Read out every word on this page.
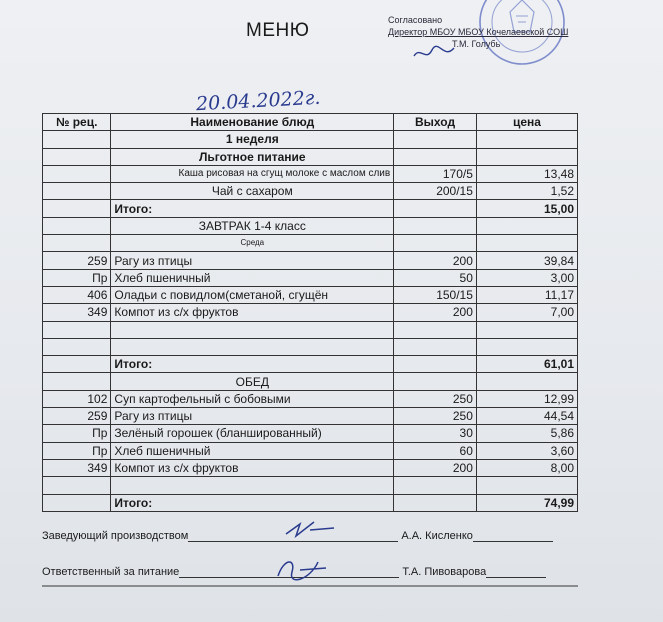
МЕНЮ	Согласовано
Директор МБОУ МБОУ Кочелаевской СОШ
Т.М. Голубь
20.04.2022г.
№ рец.	Наименование блюд	Выход	цена
	1 неделя		
	Льготное питание		
	Каша рисовая на сгущ молоке с маслом слив	170/5	13,48
	Чай с сахаром	200/15	1,52
	Итого:		15,00
	ЗАВТРАК 1-4 класс		
	Среда		
259	Рагу из птицы	200	39,84
Пр	Хлеб пшеничный	50	3,00
406	Оладьи с повидлом(сметаной, сгущён	150/15	11,17
349	Компот из с/х фруктов	200	7,00

	Итого:		61,01
	ОБЕД		
102	Суп картофельный с бобовыми	250	12,99
259	Рагу из птицы	250	44,54
Пр	Зелёный горошек (бланшированный)	30	5,86
Пр	Хлеб пшеничный	60	3,60
349	Компот из с/х фруктов	200	8,00

	Итого:		74,99
Заведующий производством	А.А. Кисленко
Ответственный за питание	Т.А. Пивоварова
